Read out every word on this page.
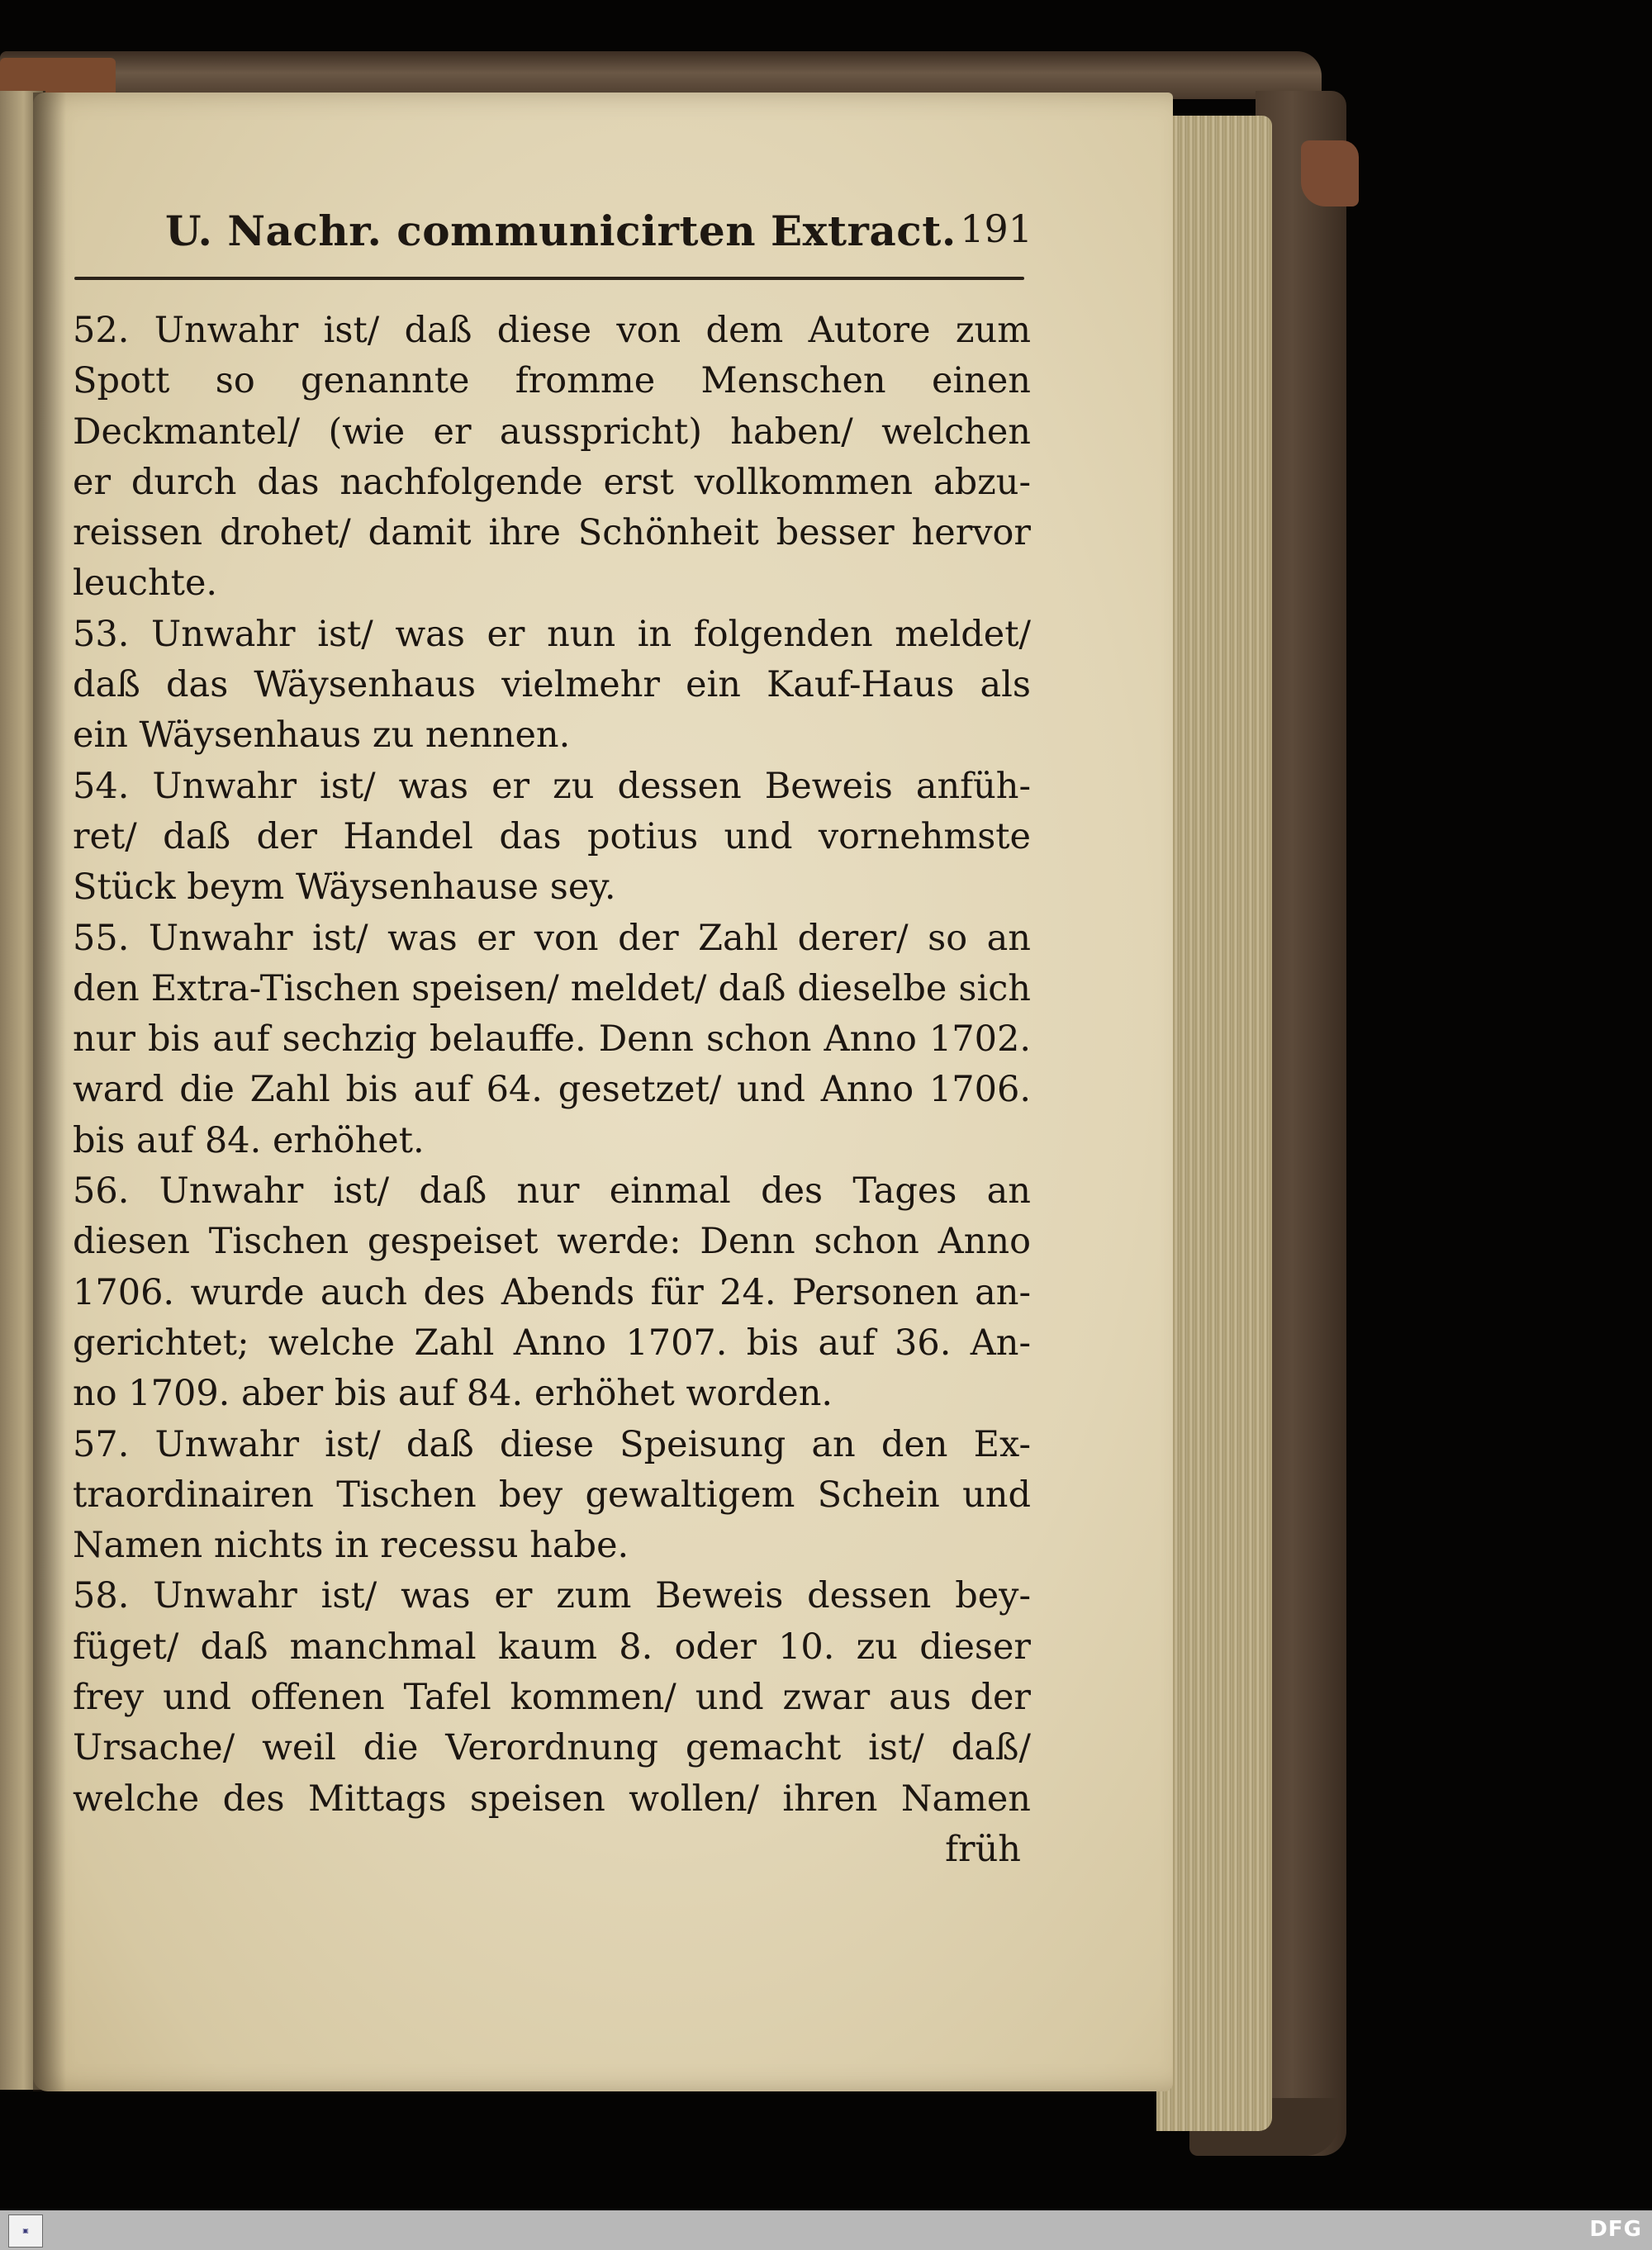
U. Nachr. communicirten Extract. 191
52. Unwahr ist/ daß diese von dem Autore zum
Spott so genannte fromme Menschen einen
Deckmantel/ (wie er ausspricht) haben/ welchen
er durch das nachfolgende erst vollkommen abzu-
reissen drohet/ damit ihre Schönheit besser hervor
leuchte.
53. Unwahr ist/ was er nun in folgenden meldet/
daß das Wäysenhaus vielmehr ein Kauf-Haus als
ein Wäysenhaus zu nennen.
54. Unwahr ist/ was er zu dessen Beweis anfüh-
ret/ daß der Handel das potius und vornehmste
Stück beym Wäysenhause sey.
55. Unwahr ist/ was er von der Zahl derer/ so an
den Extra-Tischen speisen/ meldet/ daß dieselbe sich
nur bis auf sechzig belauffe. Denn schon Anno 1702.
ward die Zahl bis auf 64. gesetzet/ und Anno 1706.
bis auf 84. erhöhet.
56. Unwahr ist/ daß nur einmal des Tages an
diesen Tischen gespeiset werde: Denn schon Anno
1706. wurde auch des Abends für 24. Personen an-
gerichtet; welche Zahl Anno 1707. bis auf 36. An-
no 1709. aber bis auf 84. erhöhet worden.
57. Unwahr ist/ daß diese Speisung an den Ex-
traordinairen Tischen bey gewaltigem Schein und
Namen nichts in recessu habe.
58. Unwahr ist/ was er zum Beweis dessen bey-
füget/ daß manchmal kaum 8. oder 10. zu dieser
frey und offenen Tafel kommen/ und zwar aus der
Ursache/ weil die Verordnung gemacht ist/ daß/
welche des Mittags speisen wollen/ ihren Namen
früh
▣	DFG
